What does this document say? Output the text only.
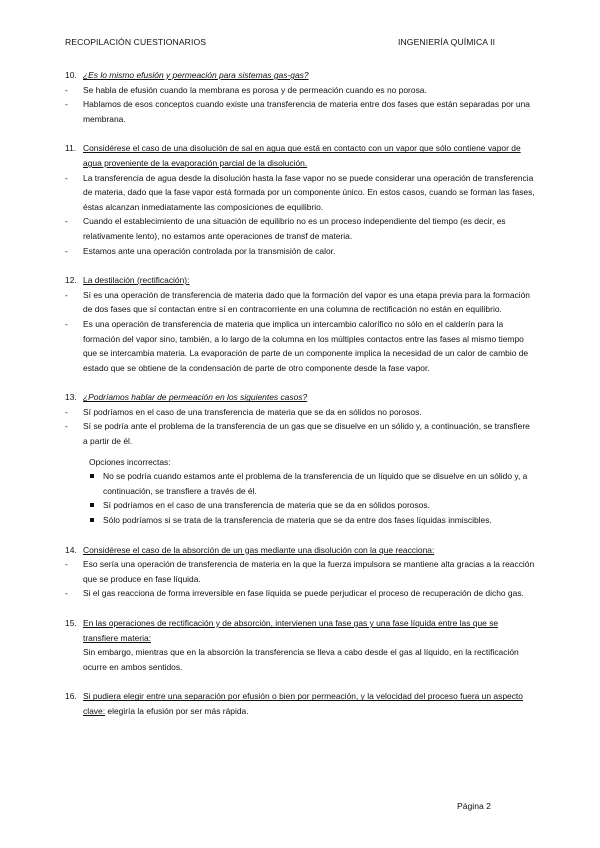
RECOPILACIÓN CUESTIONARIOS	INGENIERÍA QUÍMICA II
10. ¿Es lo mismo efusión y permeación para sistemas gas-gas?
- Se habla de efusión cuando la membrana es porosa y de permeación cuando es no porosa.
- Hablamos de esos conceptos cuando existe una transferencia de materia entre dos fases que están separadas por una membrana.
11. Considérese el caso de una disolución de sal en agua que está en contacto con un vapor que sólo contiene vapor de agua proveniente de la evaporación parcial de la disolución.
- La transferencia de agua desde la disolución hasta la fase vapor no se puede considerar una operación de transferencia de materia, dado que la fase vapor está formada por un componente único. En estos casos, cuando se forman las fases, éstas alcanzan inmediatamente las composiciones de equilibrio.
- Cuando el establecimiento de una situación de equilibrio no es un proceso independiente del tiempo (es decir, es relativamente lento), no estamos ante operaciones de transf de materia.
- Estamos ante una operación controlada por la transmisión de calor.
12. La destilación (rectificación):
- Sí es una operación de transferencia de materia dado que la formación del vapor es una etapa previa para la formación de dos fases que sí contactan entre sí en contracorriente en una columna de rectificación no están en equilibrio.
- Es una operación de transferencia de materia que implica un intercambio calorífico no sólo en el calderín para la formación del vapor sino, también, a lo largo de la columna en los múltiples contactos entre las fases al mismo tiempo que se intercambia materia. La evaporación de parte de un componente implica la necesidad de un calor de cambio de estado que se obtiene de la condensación de parte de otro componente desde la fase vapor.
13. ¿Podríamos hablar de permeación en los siguientes casos?
- Sí podríamos en el caso de una transferencia de materia que se da en sólidos no porosos.
- Sí se podría ante el problema de la transferencia de un gas que se disuelve en un sólido y, a continuación, se transfiere a partir de él.
Opciones incorrectas:
No se podría cuando estamos ante el problema de la transferencia de un líquido que se disuelve en un sólido y, a continuación, se transfiere a través de él.
Sí podríamos en el caso de una transferencia de materia que se da en sólidos porosos.
Sólo podríamos si se trata de la transferencia de materia que se da entre dos fases líquidas inmiscibles.
14. Considérese el caso de la absorción de un gas mediante una disolución con la que reacciona:
- Eso sería una operación de transferencia de materia en la que la fuerza impulsora se mantiene alta gracias a la reacción que se produce en fase líquida.
- Si el gas reacciona de forma irreversible en fase líquida se puede perjudicar el proceso de recuperación de dicho gas.
15. En las operaciones de rectificación y de absorción, intervienen una fase gas y una fase líquida entre las que se transfiere materia:
Sin embargo, mientras que en la absorción la transferencia se lleva a cabo desde el gas al líquido, en la rectificación ocurre en ambos sentidos.
16. Si pudiera elegir entre una separación por efusión o bien por permeación, y la velocidad del proceso fuera un aspecto clave: elegiría la efusión por ser más rápida.
Página 2
